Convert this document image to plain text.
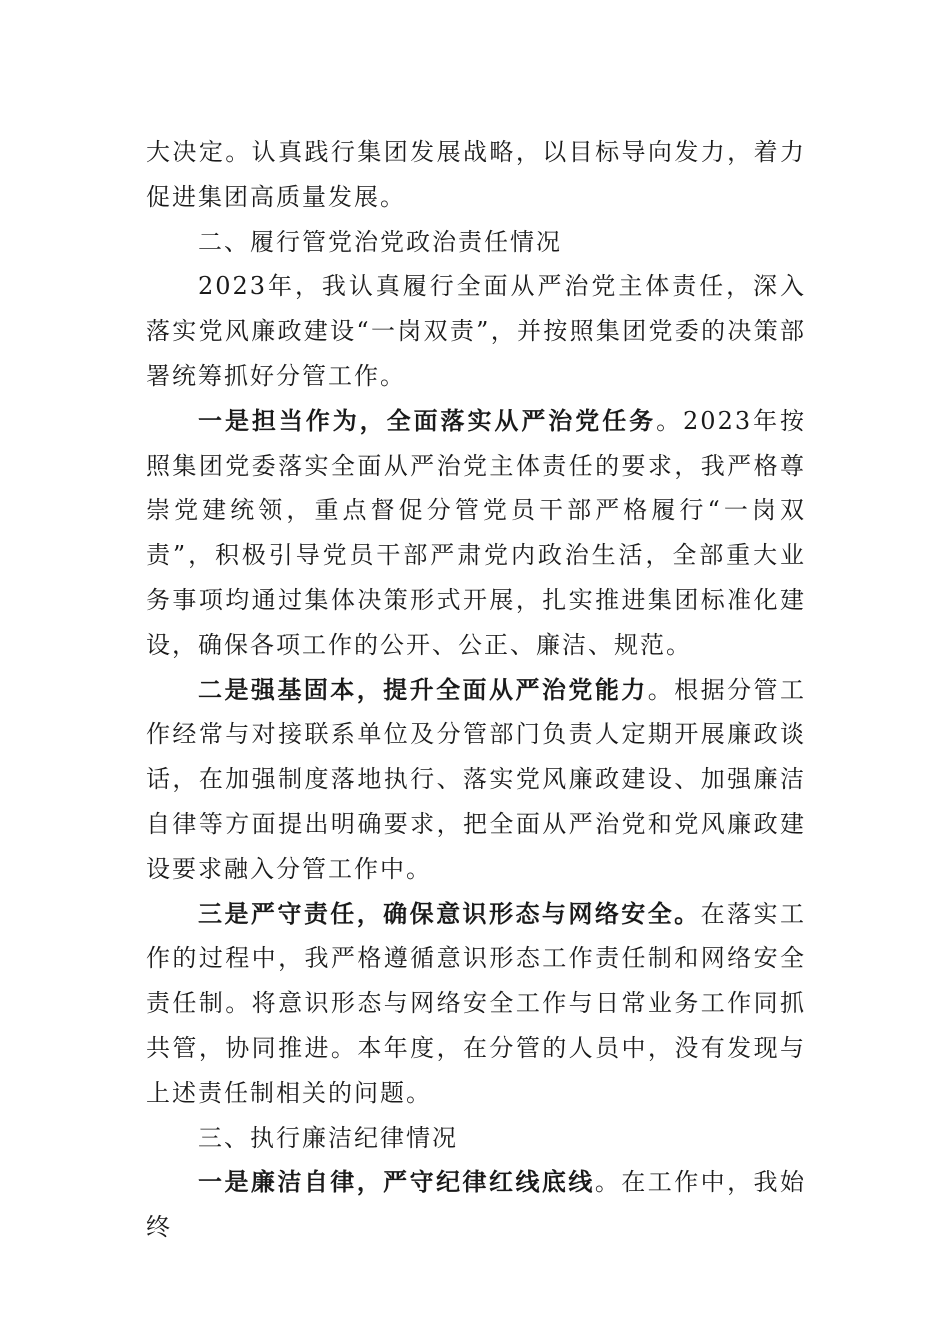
大决定。认真践行集团发展战略，以目标导向发力，着力促进集团高质量发展。

二、履行管党治党政治责任情况

2023年，我认真履行全面从严治党主体责任，深入落实党风廉政建设“一岗双责”，并按照集团党委的决策部署统筹抓好分管工作。

一是担当作为，全面落实从严治党任务。2023年按照集团党委落实全面从严治党主体责任的要求，我严格尊崇党建统领，重点督促分管党员干部严格履行“一岗双责”，积极引导党员干部严肃党内政治生活，全部重大业务事项均通过集体决策形式开展，扎实推进集团标准化建设，确保各项工作的公开、公正、廉洁、规范。

二是强基固本，提升全面从严治党能力。根据分管工作经常与对接联系单位及分管部门负责人定期开展廉政谈话，在加强制度落地执行、落实党风廉政建设、加强廉洁自律等方面提出明确要求，把全面从严治党和党风廉政建设要求融入分管工作中。

三是严守责任，确保意识形态与网络安全。在落实工作的过程中，我严格遵循意识形态工作责任制和网络安全责任制。将意识形态与网络安全工作与日常业务工作同抓共管，协同推进。本年度，在分管的人员中，没有发现与上述责任制相关的问题。

三、执行廉洁纪律情况

一是廉洁自律，严守纪律红线底线。在工作中，我始终
